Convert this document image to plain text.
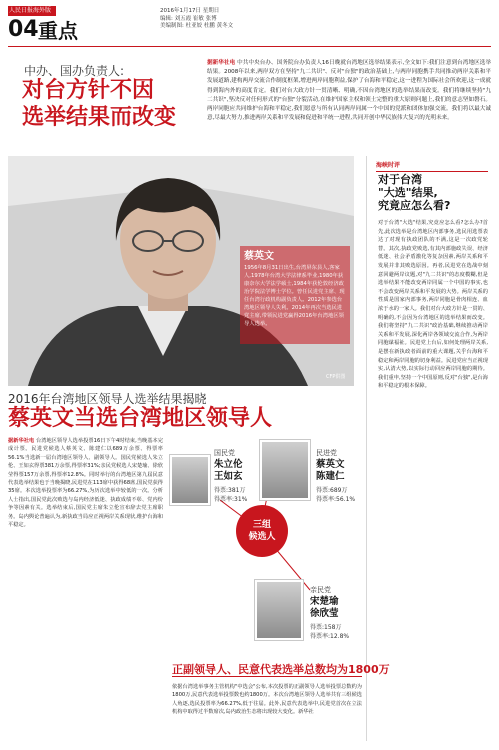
人民日报海外版
04 重点
2016年1月17日 星期日
编辑: 刘五霞 崔敏 张博
美编制图: 杜亚姣 杜鹏 黄冬文
中办、国办负责人:
对台方针不因
选举结果而改变
据新华社电 中共中央台办、国务院台办负责人16日晚就台湾地区选举结果表示,全文如下:我们注意到台湾地区选举结果。2008年以来,两岸双方在坚持"九二共识"、反对"台独"的政治基础上,与两岸同胞携手共同推动两岸关系和平发展道路,建构两岸交流合作制度框架,增进两岸同胞利益,保护了台海和平稳定,这一进程为国际社会所欢迎,这一成就得到海内外的高度肯定。我们对台大政方针一贯清晰、明确,不因台湾地区的选举结果而改变。我们将继续坚持"九二共识",坚决反对任何形式的"台独"分裂活动,在维护国家主权和领土完整的重大原则问题上,我们的意志坚如磐石。两岸同胞应共同维护台海和平稳定,我们愿意与所有认同两岸同属一个中国的党派和团体加强交流。我们将以最大诚意,尽最大努力,推进两岸关系和平发展和促进和平统一进程,共同开创中华民族伟大复兴的光明未来。
CFP供图
蔡英文
1956年8月31日出生,台湾屏东县人,客家人,1978年台湾大学法律系毕业,1980年获康奈尔大学法学硕士,1984年获伦敦经济政治学院法学博士学位。曾任民进党主席、现任台湾行政机构副负责人。2012年参选台湾地区领导人失利。2014年再次当选民进党主席,带领民进党赢得2016年台湾地区领导人选举。
海峡时评
对于台湾
"大选"结果,
究竟应怎么看?
对于台湾"大选"结果,究竟应怎么看?怎么办?首先,此次选举是台湾地区内部事务,选民用选票表达了对现有执政团队的不满,这是一次政党轮替。其次,执政党败选,有其内部施政失误、经济低迷、社会矛盾激化等复杂因素,两岸关系和平发展并非其败选原因。再者,民进党在选战中刻意回避两岸议题,对"九二共识"的态度模糊,但是选举结果不能改变两岸同属一个中国的事实,也不会改变两岸关系和平发展的大势。两岸关系的性质是国家内部事务,两岸同胞是骨肉相连、血浓于水的一家人。我们对台大政方针是一贯的、明确的,不会因为台湾地区的选举结果而改变。我们将坚持"九二共识"政治基础,继续推动两岸关系和平发展,深化两岸各领域交流合作,为两岸同胞谋福祉。民进党上台后,如何处理两岸关系,是摆在新执政者面前的重大课题,关乎台海和平稳定和两岸同胞的切身利益。民进党应当正视现实,认清大势,以实际行动回应两岸同胞的期待。我们重申,坚持一个中国原则,反对"台独",是台海和平稳定的根本保障。
2016年台湾地区领导人选举结果揭晓
蔡英文当选台湾地区领导人
据新华社电 台湾地区领导人选举投票16日下午4时结束,当晚基本完成计票。民进党候选人蔡英文、陈建仁以689万余票、得票率56.1%当选新一届台湾地区领导人、副领导人。国民党候选人朱立伦、王如玄得票381万余票,得票率31%;亲民党候选人宋楚瑜、徐欣莹得票157万余票,得票率12.8%。同时举行的台湾地区第九届民意代表选举结果也于当晚揭晓,民进党在113席中获得68席,国民党获得35席。本次选举投票率为66.27%,为历次选举中较低的一次。分析人士指出,国民党此次败选与岛内经济低迷、执政成绩不彰、党内纷争等因素有关。选举结束后,国民党主席朱立伦宣布辞去党主席职务。岛内舆论普遍认为,新执政当局应正视两岸关系现状,维护台海和平稳定。
国民党
朱立伦
王如玄
得票:381万
得票率:31%
民进党
蔡英文
陈建仁
得票:689万
得票率:56.1%
三组
候选人
亲民党
宋楚瑜
徐欣莹
得票:158万
得票率:12.8%
正副领导人、民意代表选举总数均为1800万
依据台湾选举事务主管机构"中选会"公布,本次投票的正副领导人选举投票总数约为1800万,民意代表选举投票数也约1800万。本次台湾地区领导人选举共有三组候选人角逐,选民投票率为66.27%,低于往届。此外,民意代表选举中,民进党首次在立法机构中取得过半数席次,岛内政治生态将出现较大变化。新华社
